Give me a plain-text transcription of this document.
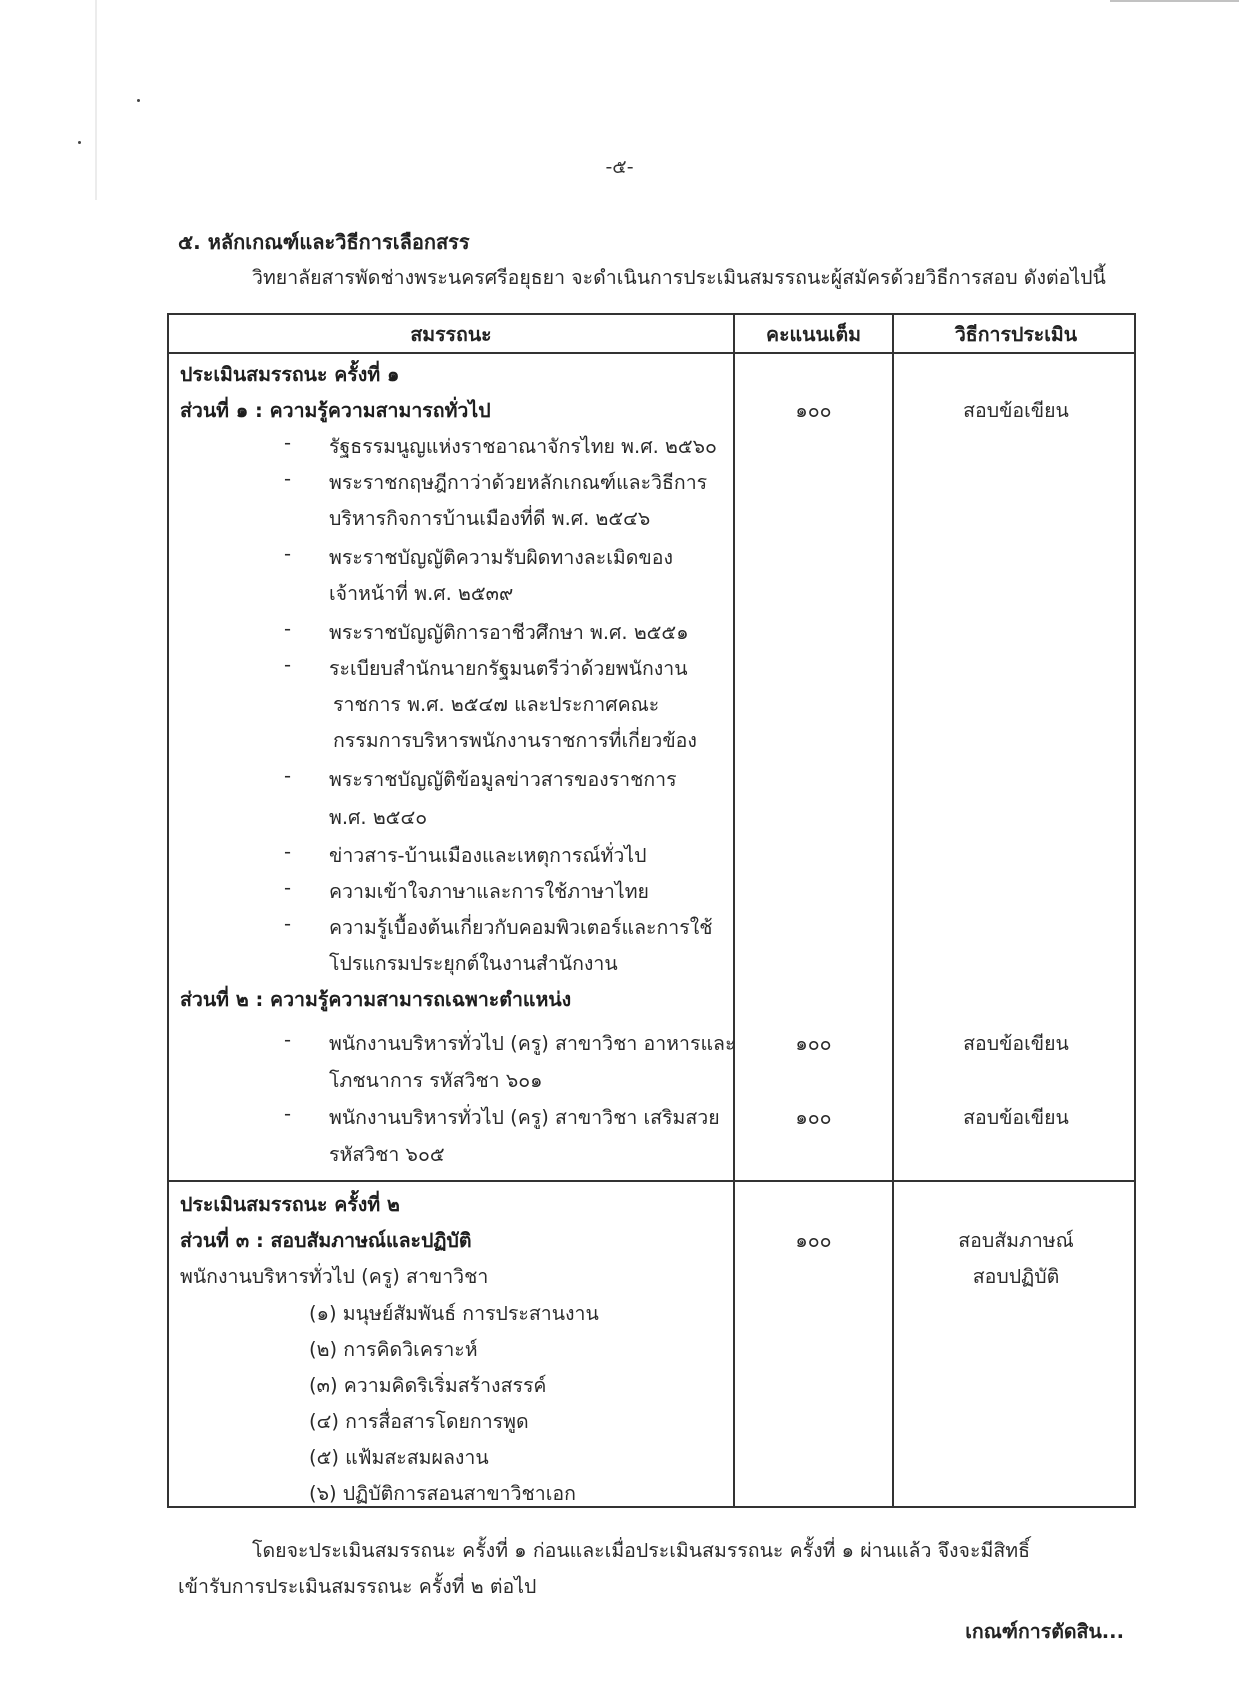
-๕-
๕. หลักเกณฑ์และวิธีการเลือกสรร
วิทยาลัยสารพัดช่างพระนครศรีอยุธยา จะดำเนินการประเมินสมรรถนะผู้สมัครด้วยวิธีการสอบ ดังต่อไปนี้
สมรรถนะ	คะแนนเต็ม	วิธีการประเมิน
ประเมินสมรรถนะ ครั้งที่ ๑
ส่วนที่ ๑ : ความรู้ความสามารถทั่วไป	๑๐๐	สอบข้อเขียน
- รัฐธรรมนูญแห่งราชอาณาจักรไทย พ.ศ. ๒๕๖๐
- พระราชกฤษฎีกาว่าด้วยหลักเกณฑ์และวิธีการ
บริหารกิจการบ้านเมืองที่ดี พ.ศ. ๒๕๔๖
- พระราชบัญญัติความรับผิดทางละเมิดของ
เจ้าหน้าที่ พ.ศ. ๒๕๓๙
- พระราชบัญญัติการอาชีวศึกษา พ.ศ. ๒๕๕๑
- ระเบียบสำนักนายกรัฐมนตรีว่าด้วยพนักงาน
ราชการ พ.ศ. ๒๕๔๗ และประกาศคณะ
กรรมการบริหารพนักงานราชการที่เกี่ยวข้อง
- พระราชบัญญัติข้อมูลข่าวสารของราชการ
พ.ศ. ๒๕๔๐
- ข่าวสาร-บ้านเมืองและเหตุการณ์ทั่วไป
- ความเข้าใจภาษาและการใช้ภาษาไทย
- ความรู้เบื้องต้นเกี่ยวกับคอมพิวเตอร์และการใช้
โปรแกรมประยุกต์ในงานสำนักงาน
ส่วนที่ ๒ : ความรู้ความสามารถเฉพาะตำแหน่ง
- พนักงานบริหารทั่วไป (ครู) สาขาวิชา อาหารและ
โภชนาการ รหัสวิชา ๖๐๑
๑๐๐	สอบข้อเขียน
- พนักงานบริหารทั่วไป (ครู) สาขาวิชา เสริมสวย
รหัสวิชา ๖๐๕
๑๐๐	สอบข้อเขียน
ประเมินสมรรถนะ ครั้งที่ ๒
ส่วนที่ ๓ : สอบสัมภาษณ์และปฏิบัติ	๑๐๐	สอบสัมภาษณ์
สอบปฏิบัติ
พนักงานบริหารทั่วไป (ครู) สาขาวิชา
(๑) มนุษย์สัมพันธ์ การประสานงาน
(๒) การคิดวิเคราะห์
(๓) ความคิดริเริ่มสร้างสรรค์
(๔) การสื่อสารโดยการพูด
(๕) แฟ้มสะสมผลงาน
(๖) ปฏิบัติการสอนสาขาวิชาเอก
โดยจะประเมินสมรรถนะ ครั้งที่ ๑ ก่อนและเมื่อประเมินสมรรถนะ ครั้งที่ ๑ ผ่านแล้ว จึงจะมีสิทธิ์
เข้ารับการประเมินสมรรถนะ ครั้งที่ ๒ ต่อไป
เกณฑ์การตัดสิน...
